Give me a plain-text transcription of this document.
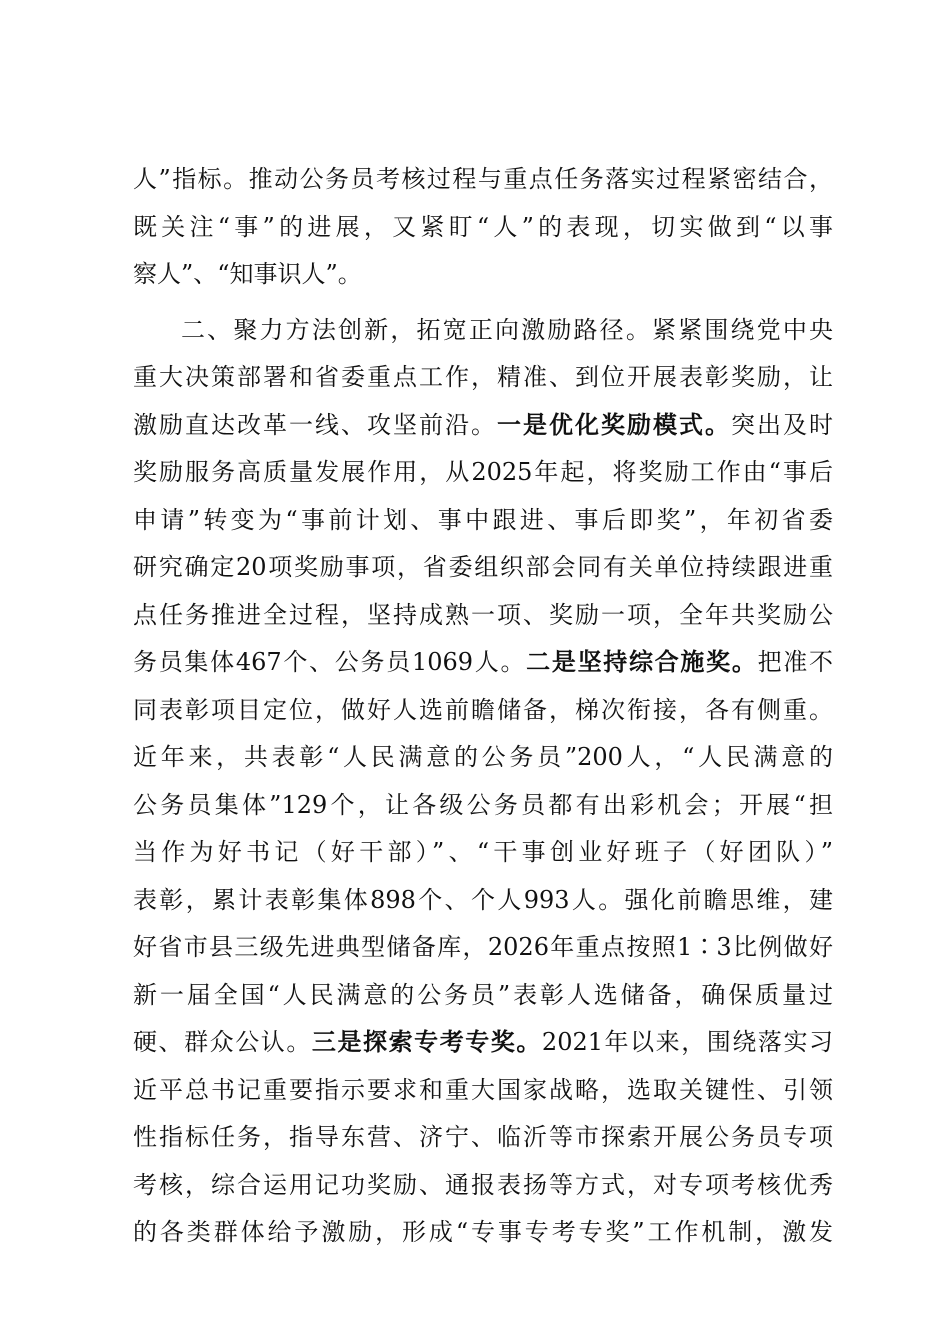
人”指标。推动公务员考核过程与重点任务落实过程紧密结合，
既关注“事”的进展，又紧盯“人”的表现，切实做到“以事
察人”、“知事识人”。
二、聚力方法创新，拓宽正向激励路径。紧紧围绕党中央
重大决策部署和省委重点工作，精准、到位开展表彰奖励，让
激励直达改革一线、攻坚前沿。一是优化奖励模式。突出及时
奖励服务高质量发展作用，从2025年起，将奖励工作由“事后
申请”转变为“事前计划、事中跟进、事后即奖”，年初省委
研究确定20项奖励事项，省委组织部会同有关单位持续跟进重
点任务推进全过程，坚持成熟一项、奖励一项，全年共奖励公
务员集体467个、公务员1069人。二是坚持综合施奖。把准不
同表彰项目定位，做好人选前瞻储备，梯次衔接，各有侧重。
近年来，共表彰“人民满意的公务员”200人，“人民满意的
公务员集体”129个，让各级公务员都有出彩机会；开展“担
当作为好书记（好干部）”、“干事创业好班子（好团队）”
表彰，累计表彰集体898个、个人993人。强化前瞻思维，建
好省市县三级先进典型储备库，2026年重点按照1∶3比例做好
新一届全国“人民满意的公务员”表彰人选储备，确保质量过
硬、群众公认。三是探索专考专奖。2021年以来，围绕落实习
近平总书记重要指示要求和重大国家战略，选取关键性、引领
性指标任务，指导东营、济宁、临沂等市探索开展公务员专项
考核，综合运用记功奖励、通报表扬等方式，对专项考核优秀
的各类群体给予激励，形成“专事专考专奖”工作机制，激发
